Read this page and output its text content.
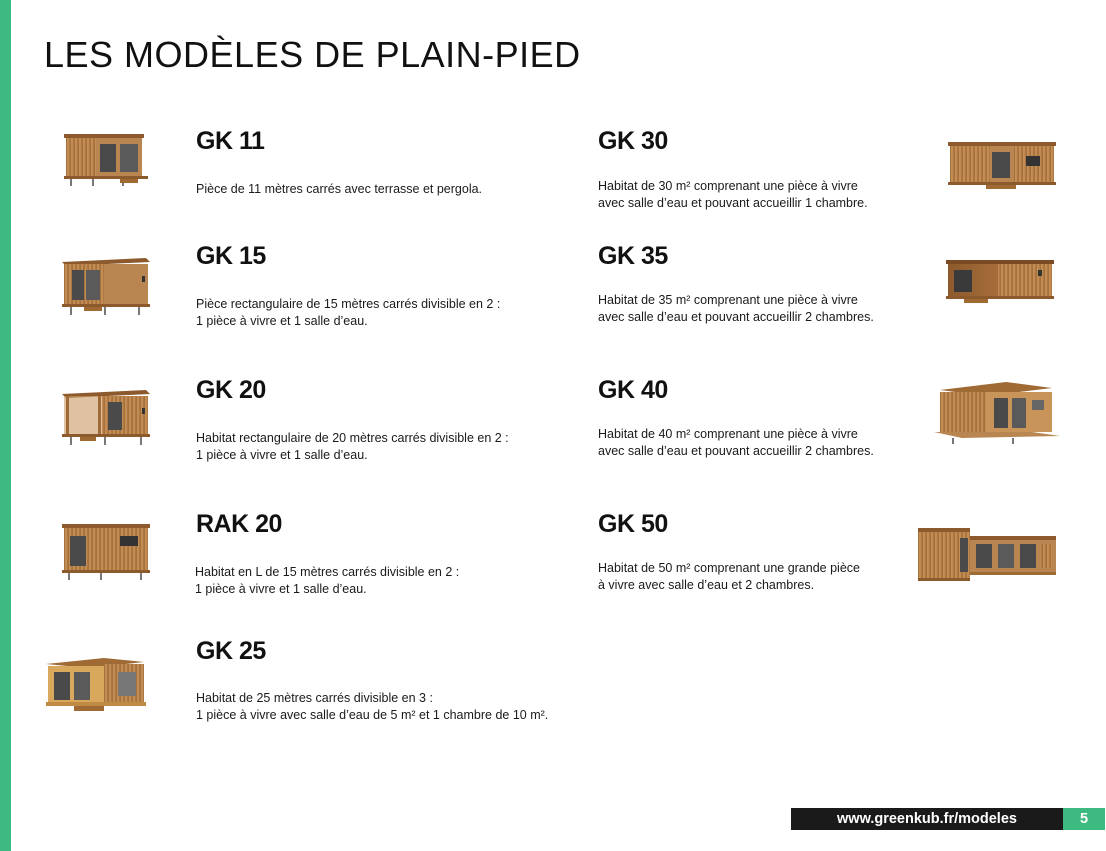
LES MODÈLES DE PLAIN-PIED
GK 11
Pièce de 11 mètres carrés avec terrasse et pergola.
GK 15
Pièce rectangulaire de 15 mètres carrés divisible en 2 :
1 pièce à vivre et 1 salle d’eau.
GK 20
Habitat rectangulaire de 20 mètres carrés divisible en 2 :
1 pièce à vivre et 1 salle d’eau.
RAK 20
Habitat en L de 15 mètres carrés divisible en 2 :
1 pièce à vivre et 1 salle d’eau.
GK 25
Habitat de 25 mètres carrés divisible en 3 :
1 pièce à vivre avec salle d’eau de 5 m² et 1 chambre de 10 m².
GK 30
Habitat de 30 m² comprenant une pièce à vivre
avec salle d’eau et pouvant accueillir 1 chambre.
GK 35
Habitat de 35 m² comprenant une pièce à vivre
avec salle d’eau et pouvant accueillir 2 chambres.
GK 40
Habitat de 40 m² comprenant une pièce à vivre
avec salle d’eau et pouvant accueillir 2 chambres.
GK 50
Habitat de 50 m² comprenant une grande pièce
à vivre avec salle d’eau et 2 chambres.
www.greenkub.fr/modeles	5
